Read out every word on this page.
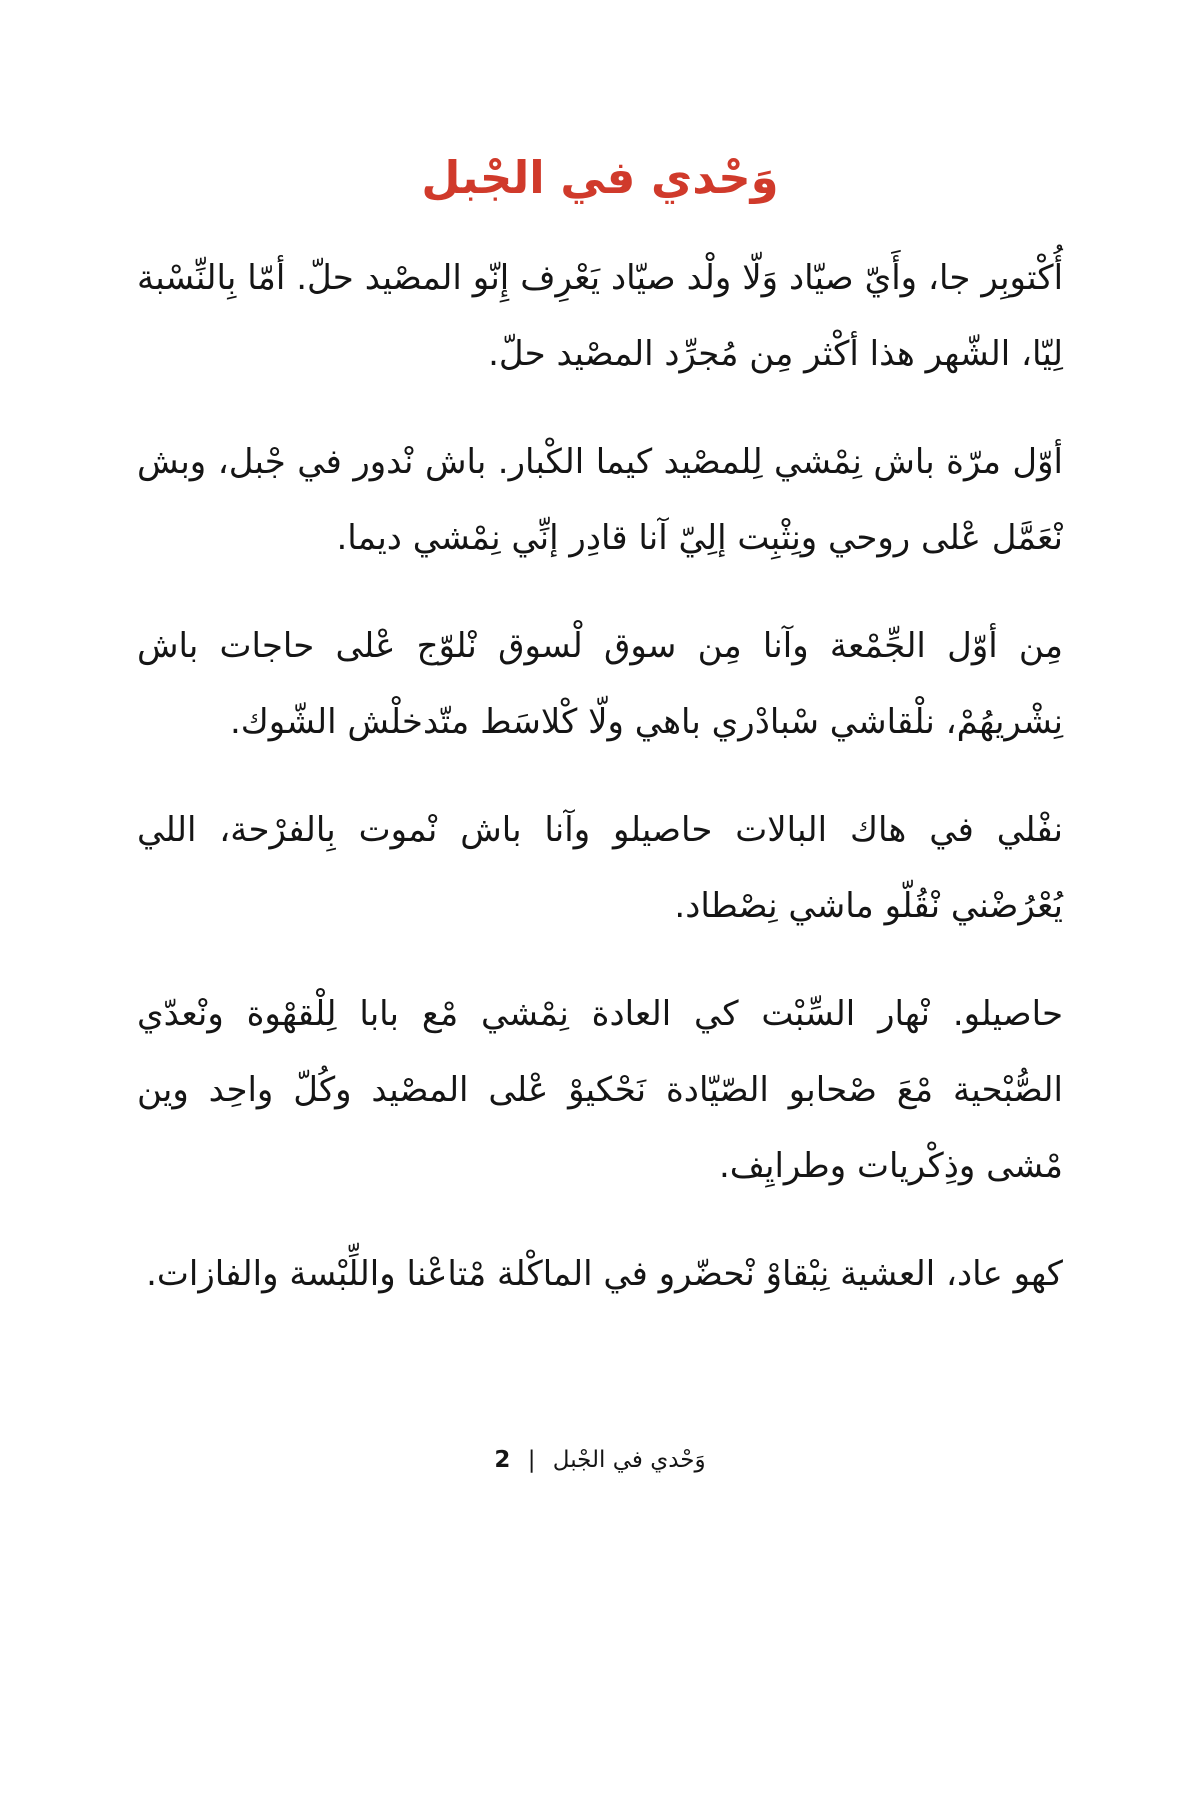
وَحْدي في الجْبل

أكتوبر جا، وأي صياد ولا ولد صياد يعرف إنو المصيد حل. أما بالنسبة ليا، الشهر هذا أكثر من مجرد المصيد حل.

أول مرة باش نمشي للمصيد كيما الكبار. باش ندور في جبل، وبش نعمل على روحي ونثبت إلي آنا قادر إني نمشي ديما.

من أول الجمعة وآنا من سوق لسوق نلوج على حاجات باش نشريهم، نلقاشي سبادري باهي ولا كلاسط متدخلش الشوك.

نفلي في هاك البالات حاصيلو وآنا باش نموت بالفرحة، اللي يعرضني نقلو ماشي نصطاد.

حاصيلو. نهار السبت كي العادة نمشي مع بابا للقهوة ونعدي الصبحية مع صحابو الصيادة نحكيو على المصيد وكل واحد وين مشى وذكريات وطرايف.

كهو عاد، العشية نبقاو نحضرو في الماكلة متاعنا واللبسة والفازات.

وحدي في الجبل | 2
